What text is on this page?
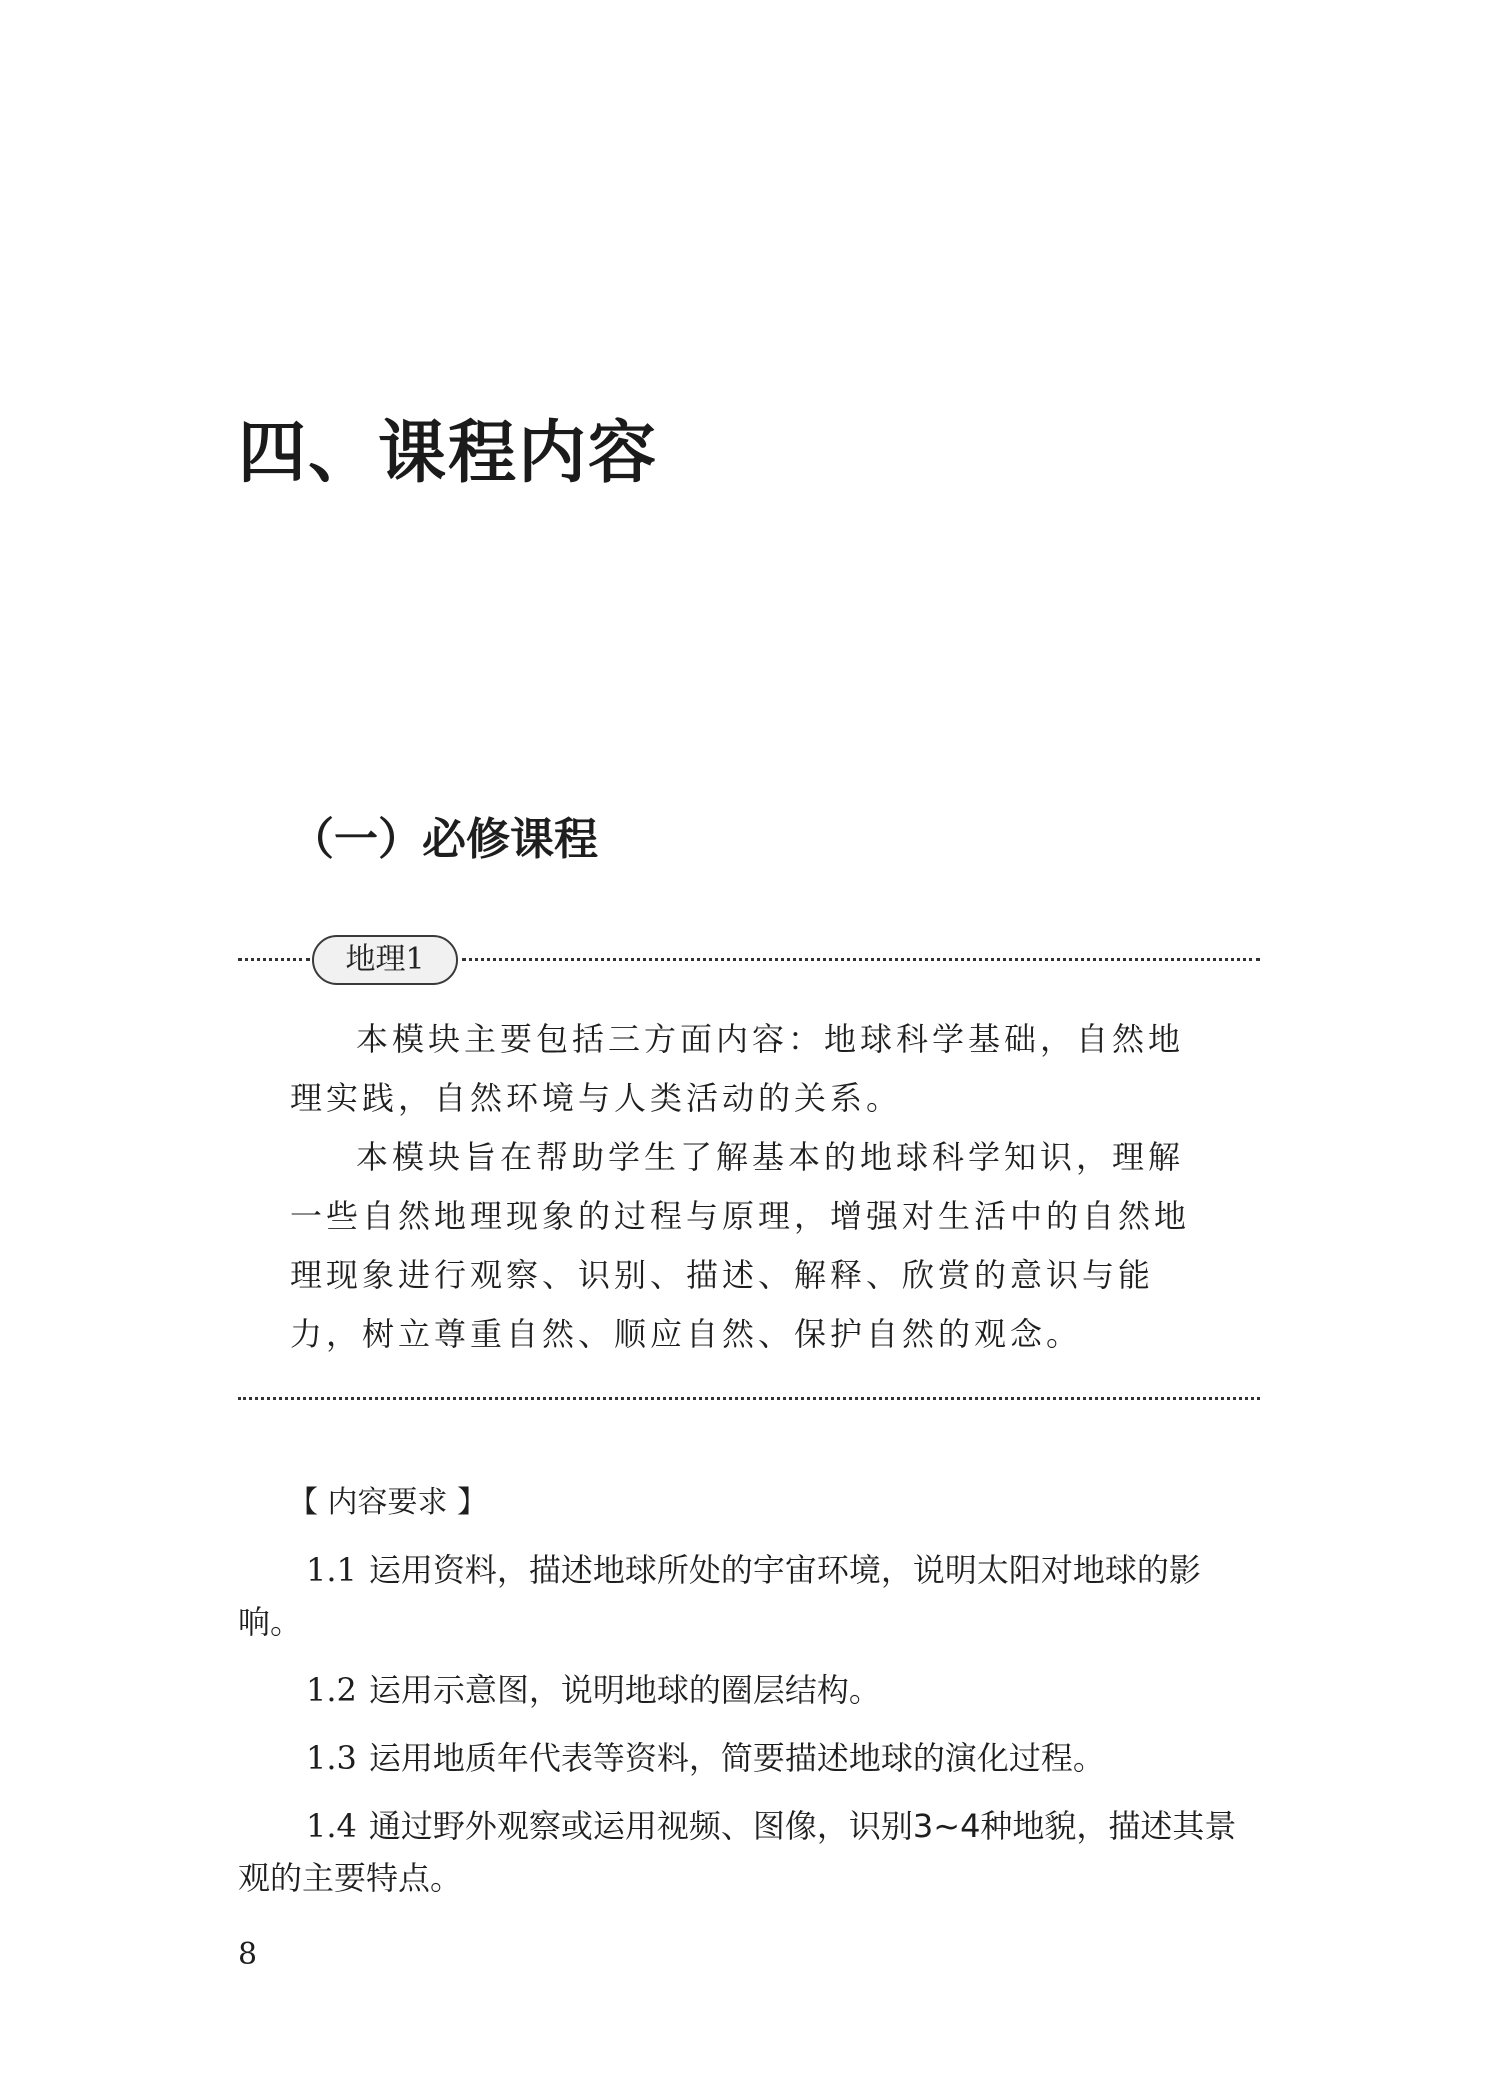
四、课程内容
（一）必修课程
地理1

本模块主要包括三方面内容：地球科学基础，自然地理实践，自然环境与人类活动的关系。

本模块旨在帮助学生了解基本的地球科学知识，理解一些自然地理现象的过程与原理，增强对生活中的自然地理现象进行观察、识别、描述、解释、欣赏的意识与能力，树立尊重自然、顺应自然、保护自然的观念。

【 内容要求 】

1.1 运用资料，描述地球所处的宇宙环境，说明太阳对地球的影响。

1.2 运用示意图，说明地球的圈层结构。

1.3 运用地质年代表等资料，简要描述地球的演化过程。

1.4 通过野外观察或运用视频、图像，识别3~4种地貌，描述其景观的主要特点。

8
